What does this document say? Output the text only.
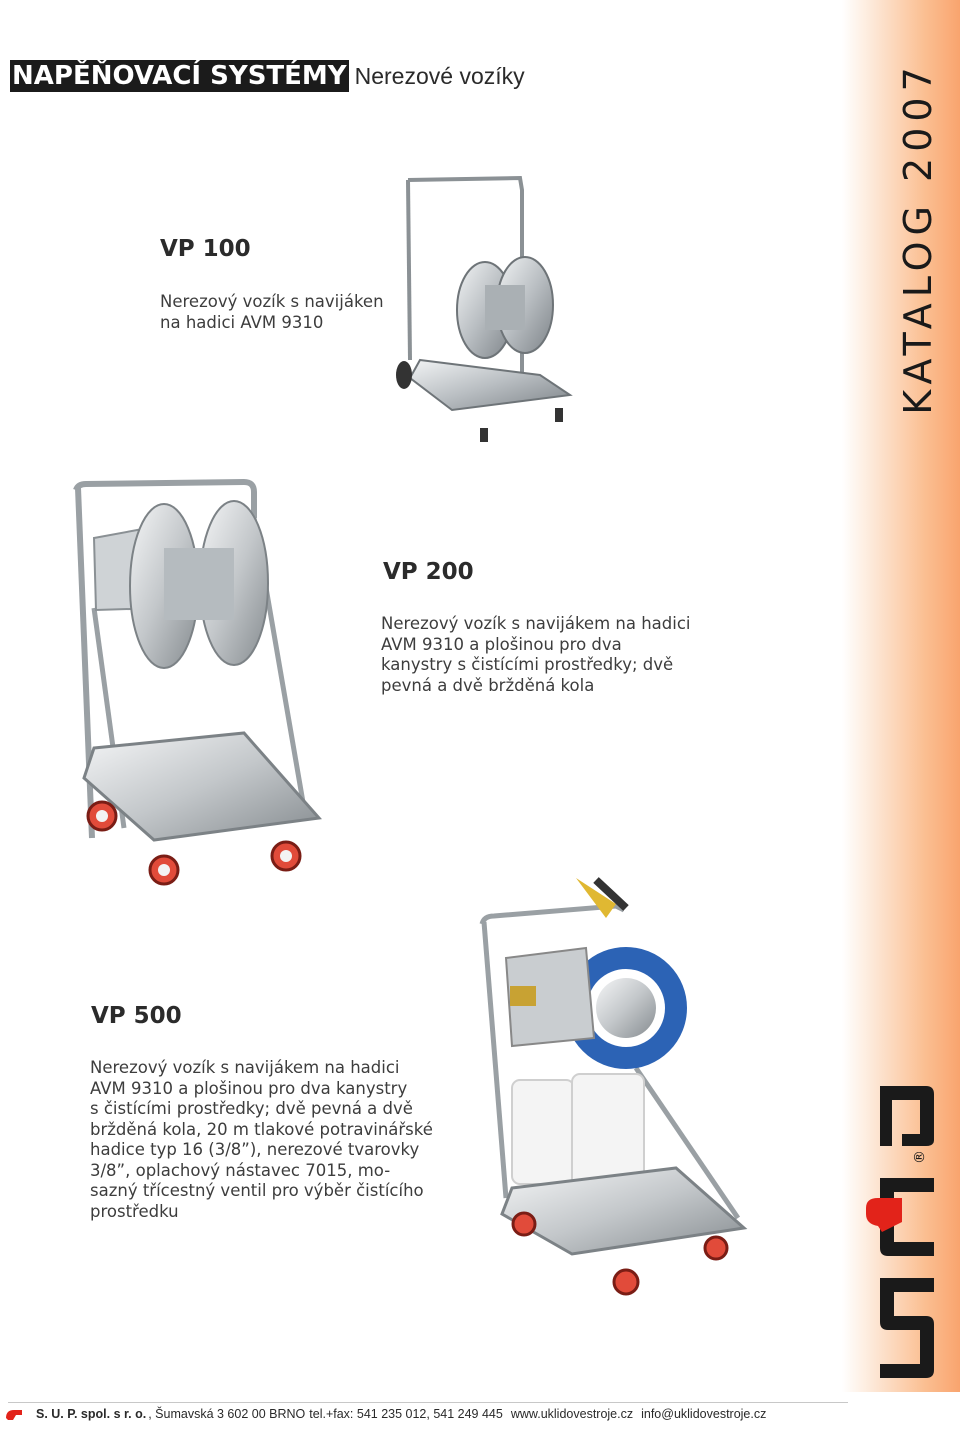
KATALOG 2007
NAPĚŇOVACÍ SYSTÉMY Nerezové vozíky
VP 100
Nerezový vozík s navijáken
na hadici AVM 9310
VP 200
Nerezový vozík s navijákem na hadici
AVM 9310 a plošinou pro dva
kanystry s čistícími prostředky; dvě
pevná a dvě bržděná kola
VP 500
Nerezový vozík s navijákem na hadici
AVM 9310 a plošinou pro dva kanystry
s čistícími prostředky; dvě pevná a dvě
bržděná kola, 20 m tlakové potravinářské
hadice typ 16 (3/8”), nerezové tvarovky
3/8”, oplachový nástavec 7015, mo-
sazný třícestný ventil pro výběr čistícího
prostředku
®
S. U. P. spol. s r. o. , Šumavská 3 602 00 BRNO tel.+fax: 541 235 012, 541 249 445 www.uklidovestroje.cz info@uklidovestroje.cz
